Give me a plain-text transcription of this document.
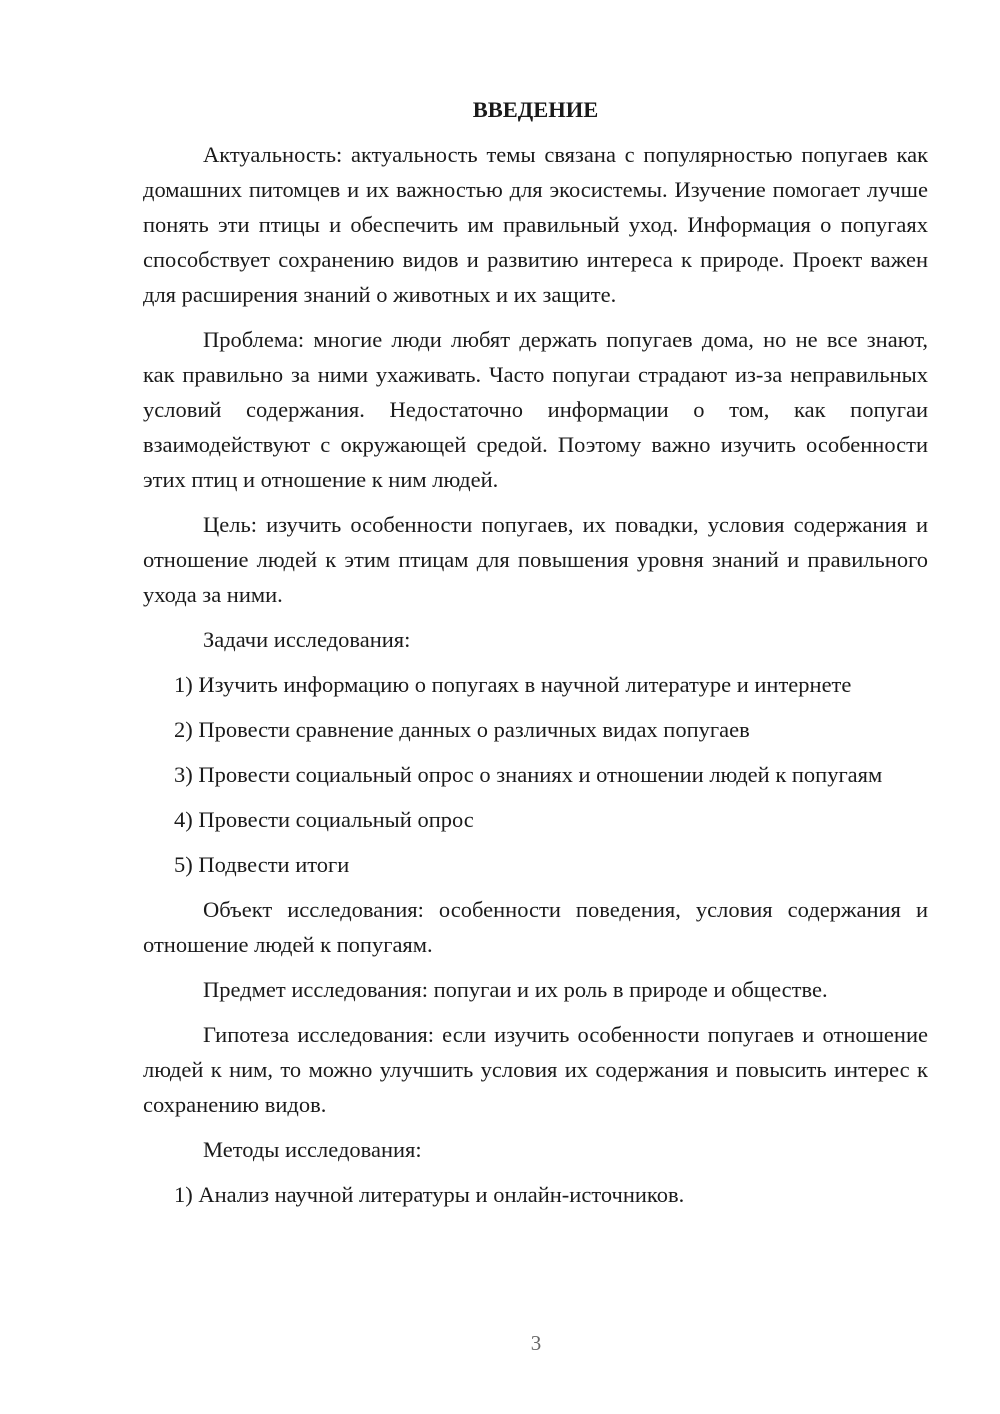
ВВЕДЕНИЕ

Актуальность: актуальность темы связана с популярностью попугаев как домашних питомцев и их важностью для экосистемы. Изучение помогает лучше понять эти птицы и обеспечить им правильный уход. Информация о попугаях способствует сохранению видов и развитию интереса к природе. Проект важен для расширения знаний о животных и их защите.

Проблема: многие люди любят держать попугаев дома, но не все знают, как правильно за ними ухаживать. Часто попугаи страдают из-за неправильных условий содержания. Недостаточно информации о том, как попугаи взаимодействуют с окружающей средой. Поэтому важно изучить особенности этих птиц и отношение к ним людей.

Цель: изучить особенности попугаев, их повадки, условия содержания и отношение людей к этим птицам для повышения уровня знаний и правильного ухода за ними.

Задачи исследования:

1) Изучить информацию о попугаях в научной литературе и интернете

2) Провести сравнение данных о различных видах попугаев

3) Провести социальный опрос о знаниях и отношении людей к попугаям

4) Провести социальный опрос

5) Подвести итоги

Объект исследования: особенности поведения, условия содержания и отношение людей к попугаям.

Предмет исследования: попугаи и их роль в природе и обществе.

Гипотеза исследования: если изучить особенности попугаев и отношение людей к ним, то можно улучшить условия их содержания и повысить интерес к сохранению видов.

Методы исследования:

1) Анализ научной литературы и онлайн-источников.

3
